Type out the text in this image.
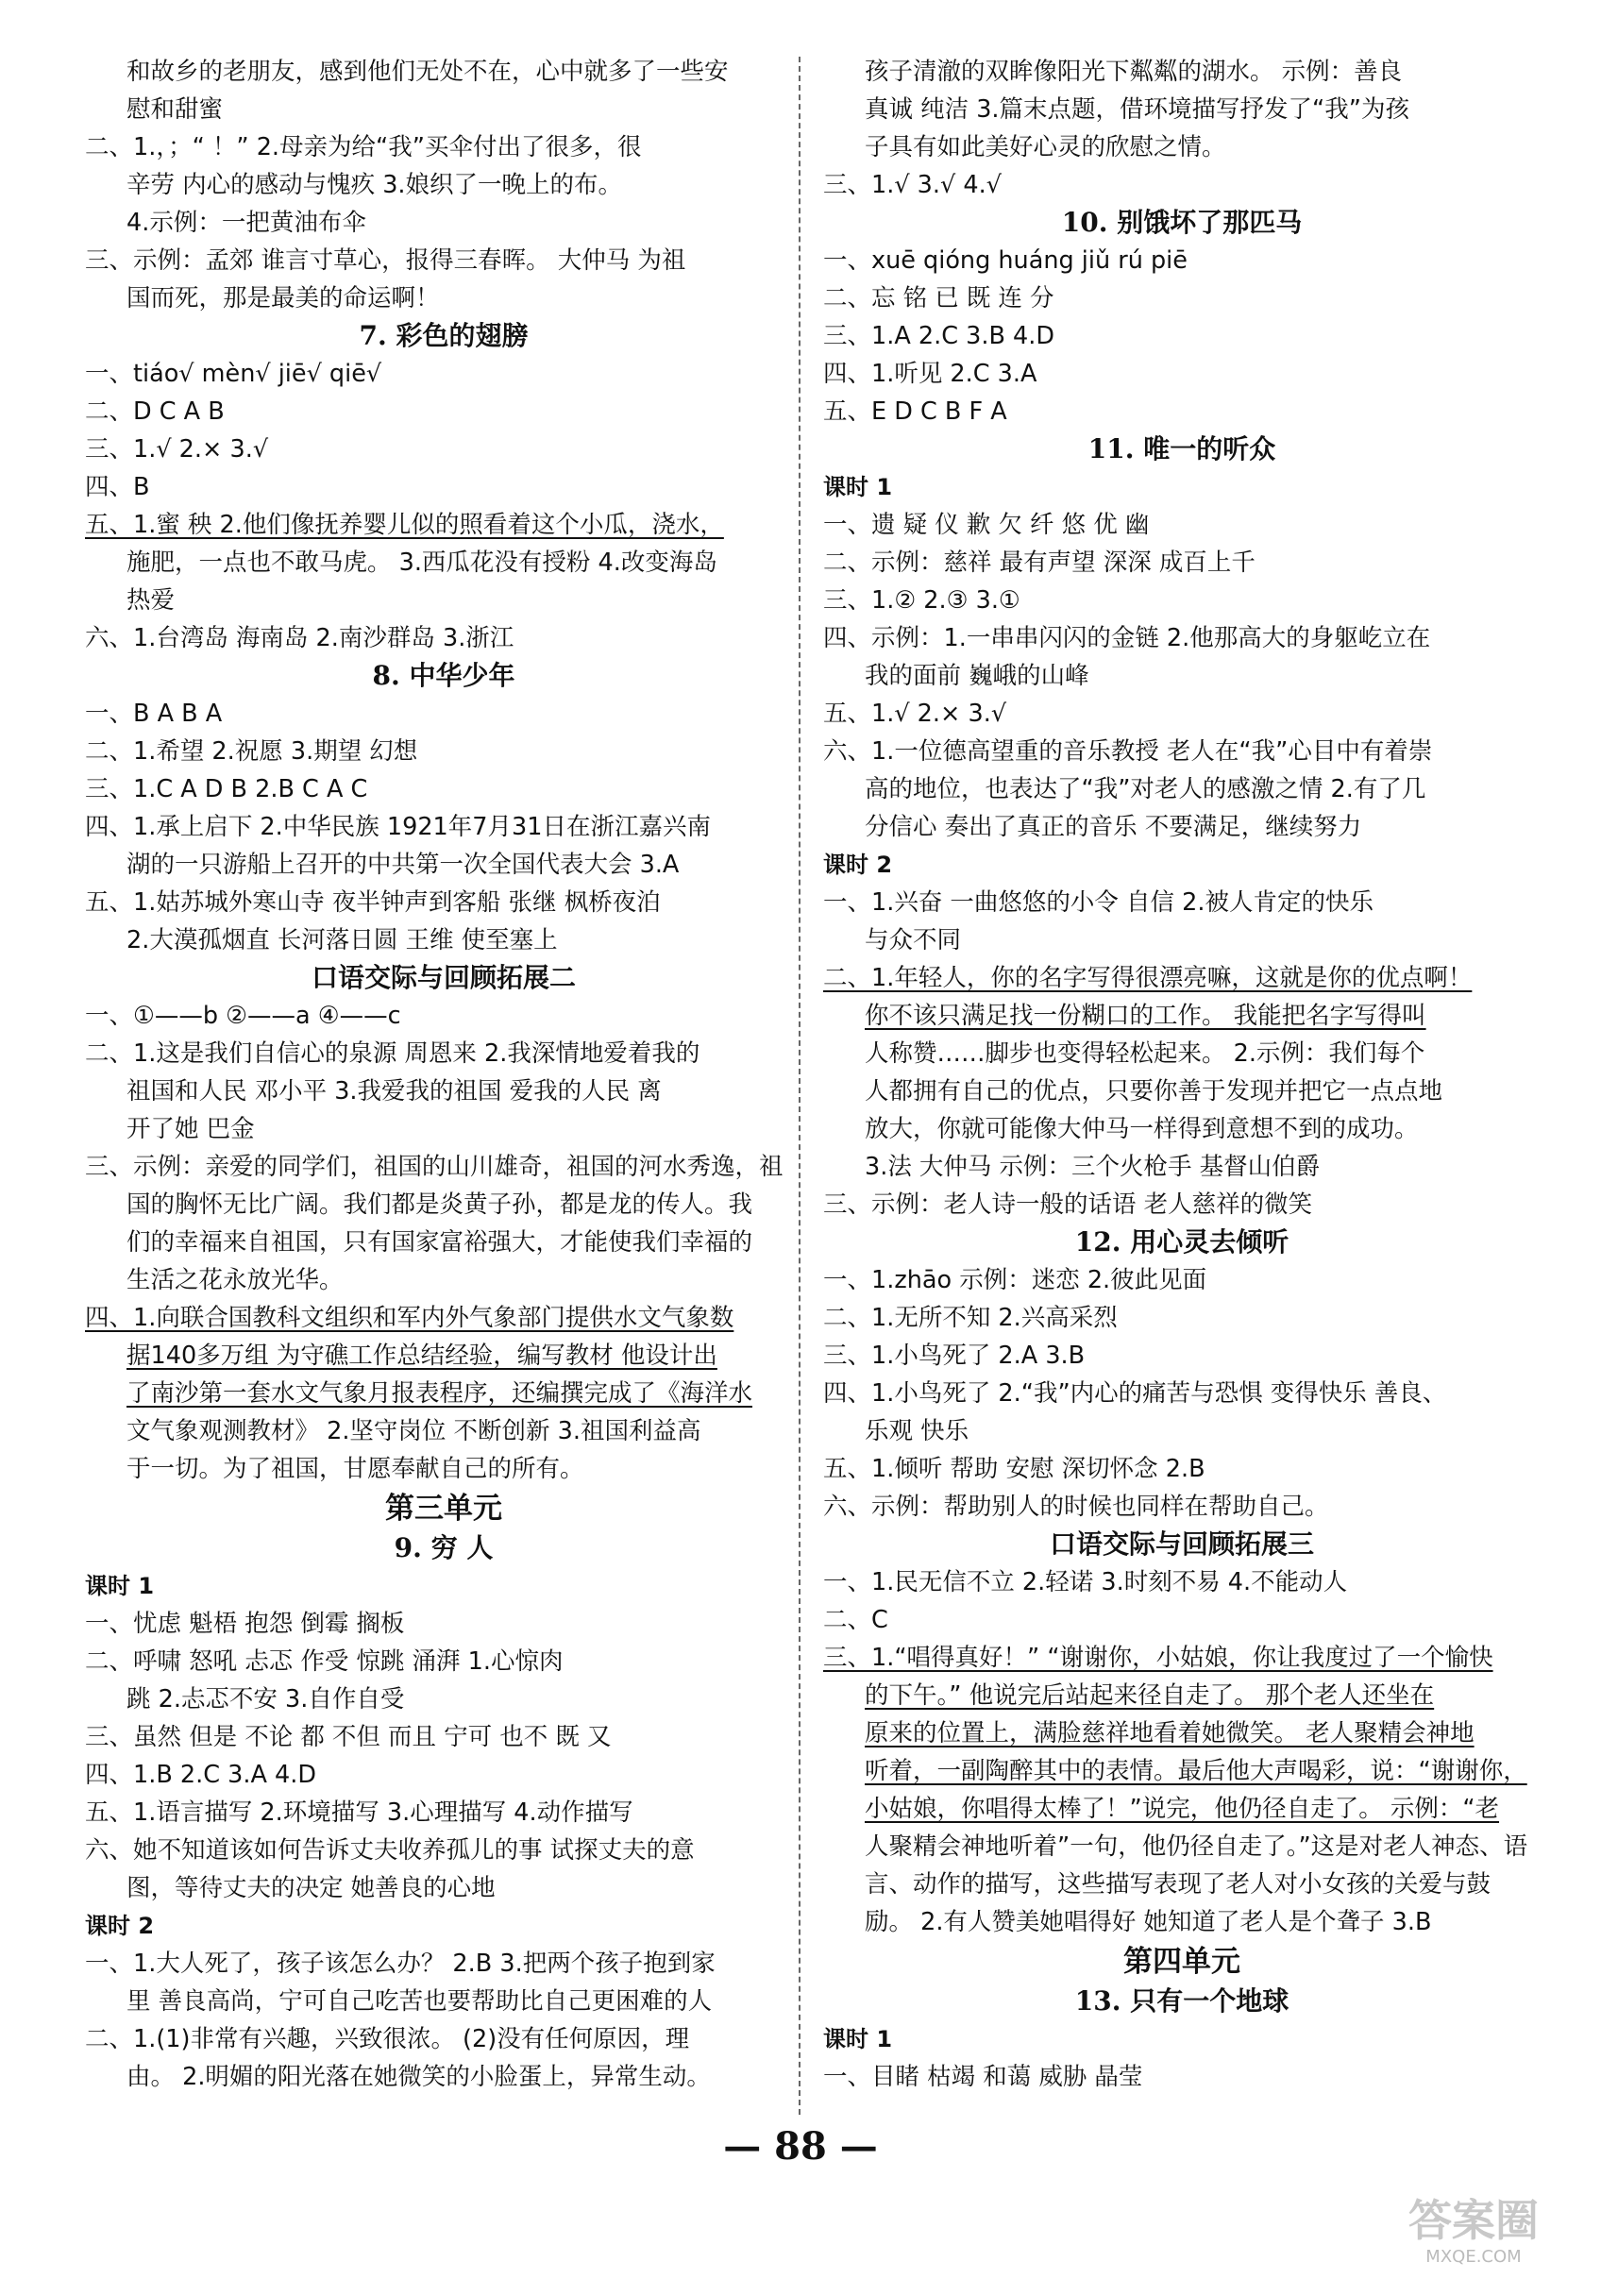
和故乡的老朋友，感到他们无处不在，心中就多了一些安
慰和甜蜜
二、1.，；“ ！” 2.母亲为给“我”买伞付出了很多，很
辛劳 内心的感动与愧疚 3.娘织了一晚上的布。
4.示例：一把黄油布伞
三、示例：孟郊 谁言寸草心，报得三春晖。 大仲马 为祖
国而死，那是最美的命运啊！
7. 彩色的翅膀
一、tiáo√ mèn√ jiē√ qiē√
二、D C A B
三、1.√ 2.× 3.√
四、B
五、1.蜜 秧 2.他们像抚养婴儿似的照看着这个小瓜，浇水，
施肥，一点也不敢马虎。 3.西瓜花没有授粉 4.改变海岛
热爱
六、1.台湾岛 海南岛 2.南沙群岛 3.浙江
8. 中华少年
一、B A B A
二、1.希望 2.祝愿 3.期望 幻想
三、1.C A D B 2.B C A C
四、1.承上启下 2.中华民族 1921年7月31日在浙江嘉兴南
湖的一只游船上召开的中共第一次全国代表大会 3.A
五、1.姑苏城外寒山寺 夜半钟声到客船 张继 枫桥夜泊
2.大漠孤烟直 长河落日圆 王维 使至塞上
口语交际与回顾拓展二
一、①——b ②——a ④——c
二、1.这是我们自信心的泉源 周恩来 2.我深情地爱着我的
祖国和人民 邓小平 3.我爱我的祖国 爱我的人民 离
开了她 巴金
三、示例：亲爱的同学们，祖国的山川雄奇，祖国的河水秀逸，祖
国的胸怀无比广阔。我们都是炎黄子孙，都是龙的传人。我
们的幸福来自祖国，只有国家富裕强大，才能使我们幸福的
生活之花永放光华。
四、1.向联合国教科文组织和军内外气象部门提供水文气象数
据140多万组 为守礁工作总结经验，编写教材 他设计出
了南沙第一套水文气象月报表程序，还编撰完成了《海洋水
文气象观测教材》 2.坚守岗位 不断创新 3.祖国利益高
于一切。为了祖国，甘愿奉献自己的所有。
第三单元
9. 穷 人
课时 1
一、忧虑 魁梧 抱怨 倒霉 搁板
二、呼啸 怒吼 忐忑 作受 惊跳 涌湃 1.心惊肉
跳 2.忐忑不安 3.自作自受
三、虽然 但是 不论 都 不但 而且 宁可 也不 既 又
四、1.B 2.C 3.A 4.D
五、1.语言描写 2.环境描写 3.心理描写 4.动作描写
六、她不知道该如何告诉丈夫收养孤儿的事 试探丈夫的意
图，等待丈夫的决定 她善良的心地
课时 2
一、1.大人死了，孩子该怎么办？ 2.B 3.把两个孩子抱到家
里 善良高尚，宁可自己吃苦也要帮助比自己更困难的人
二、1.(1)非常有兴趣，兴致很浓。 (2)没有任何原因，理
由。 2.明媚的阳光落在她微笑的小脸蛋上，异常生动。
孩子清澈的双眸像阳光下粼粼的湖水。 示例：善良
真诚 纯洁 3.篇末点题，借环境描写抒发了“我”为孩
子具有如此美好心灵的欣慰之情。
三、1.√ 3.√ 4.√
10. 别饿坏了那匹马
一、xuē qióng huáng jiǔ rú piē
二、忘 铭 已 既 连 分
三、1.A 2.C 3.B 4.D
四、1.听见 2.C 3.A
五、E D C B F A
11. 唯一的听众
课时 1
一、遗 疑 仪 歉 欠 纤 悠 优 幽
二、示例：慈祥 最有声望 深深 成百上千
三、1.② 2.③ 3.①
四、示例：1.一串串闪闪的金链 2.他那高大的身躯屹立在
我的面前 巍峨的山峰
五、1.√ 2.× 3.√
六、1.一位德高望重的音乐教授 老人在“我”心目中有着崇
高的地位，也表达了“我”对老人的感激之情 2.有了几
分信心 奏出了真正的音乐 不要满足，继续努力
课时 2
一、1.兴奋 一曲悠悠的小令 自信 2.被人肯定的快乐
与众不同
二、1.年轻人，你的名字写得很漂亮嘛，这就是你的优点啊！
你不该只满足找一份糊口的工作。 我能把名字写得叫
人称赞……脚步也变得轻松起来。 2.示例：我们每个
人都拥有自己的优点，只要你善于发现并把它一点点地
放大，你就可能像大仲马一样得到意想不到的成功。
3.法 大仲马 示例：三个火枪手 基督山伯爵
三、示例：老人诗一般的话语 老人慈祥的微笑
12. 用心灵去倾听
一、1.zhāo 示例：迷恋 2.彼此见面
二、1.无所不知 2.兴高采烈
三、1.小鸟死了 2.A 3.B
四、1.小鸟死了 2.“我”内心的痛苦与恐惧 变得快乐 善良、
乐观 快乐
五、1.倾听 帮助 安慰 深切怀念 2.B
六、示例：帮助别人的时候也同样在帮助自己。
口语交际与回顾拓展三
一、1.民无信不立 2.轻诺 3.时刻不易 4.不能动人
二、C
三、1.“唱得真好！” “谢谢你，小姑娘，你让我度过了一个愉快
的下午。” 他说完后站起来径自走了。 那个老人还坐在
原来的位置上，满脸慈祥地看着她微笑。 老人聚精会神地
听着，一副陶醉其中的表情。最后他大声喝彩，说：“谢谢你，
小姑娘，你唱得太棒了！”说完，他仍径自走了。 示例：“老
人聚精会神地听着”一句，他仍径自走了。”这是对老人神态、语
言、动作的描写，这些描写表现了老人对小女孩的关爱与鼓
励。 2.有人赞美她唱得好 她知道了老人是个聋子 3.B
第四单元
13. 只有一个地球
课时 1
一、目睹 枯竭 和蔼 威胁 晶莹
— 88 —
答案圈
MXQE.COM
